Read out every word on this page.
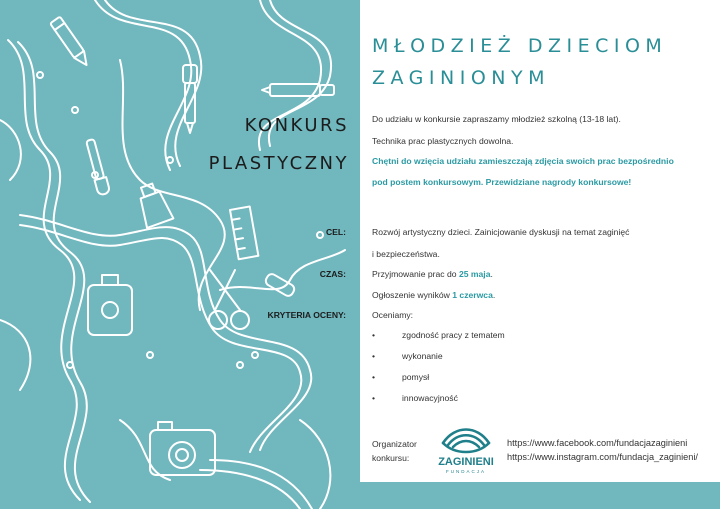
MŁODZIEŻ DZIECIOM
ZAGINIONYM
KONKURS
PLASTYCZNY
Do udziału w konkursie zapraszamy młodzież szkolną (13-18 lat).
Technika prac plastycznych dowolna.
Chętni do wzięcia udziału zamieszczają zdjęcia swoich prac bezpośrednio
pod postem konkursowym. Przewidziane nagrody konkursowe!
CEL:	Rozwój artystyczny dzieci. Zainicjowanie dyskusji na temat zaginięć
i bezpieczeństwa.
CZAS:	Przyjmowanie prac do 25 maja.
Ogłoszenie wyników 1 czerwca.
KRYTERIA OCENY:	Oceniamy:
•	zgodność pracy z tematem
•	wykonanie
•	pomysł
•	innowacyjność
Organizator
konkursu:	ZAGINIENI
FUNDACJA
https://www.facebook.com/fundacjazaginieni
https://www.instagram.com/fundacja_zaginieni/
